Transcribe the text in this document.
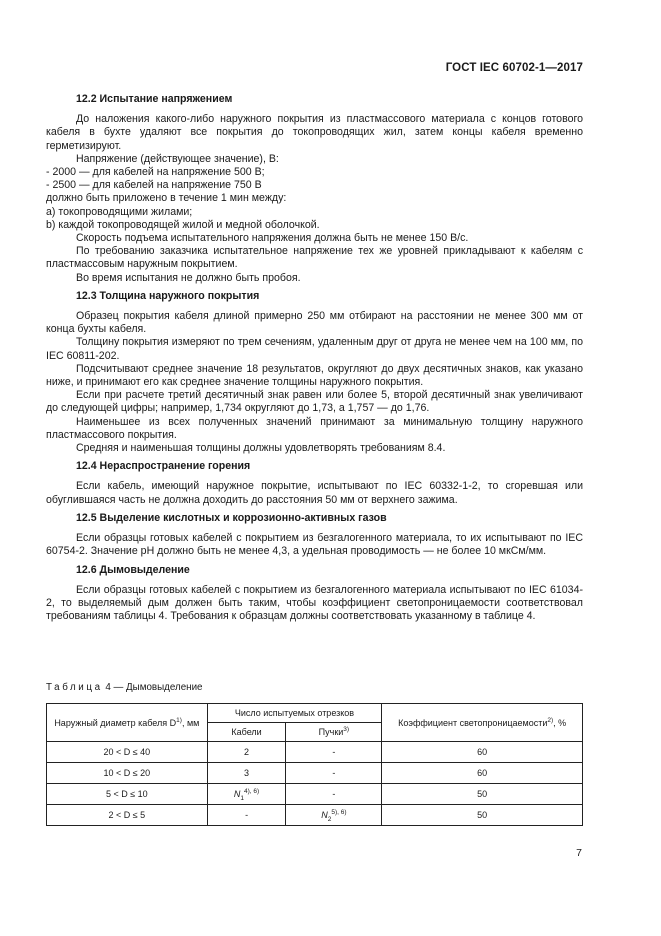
ГОСТ IEC 60702-1—2017
12.2 Испытание напряжением

До наложения какого-либо наружного покрытия из пластмассового материала с концов готового кабеля в бухте удаляют все покрытия до токопроводящих жил, затем концы кабеля временно герметизируют.

Напряжение (действующее значение), В:

- 2000 — для кабелей на напряжение 500 В;

- 2500 — для кабелей на напряжение 750 В

должно быть приложено в течение 1 мин между:

а) токопроводящими жилами;

b) каждой токопроводящей жилой и медной оболочкой.

Скорость подъема испытательного напряжения должна быть не менее 150 В/с.

По требованию заказчика испытательное напряжение тех же уровней прикладывают к кабелям с пластмассовым наружным покрытием.

Во время испытания не должно быть пробоя.

12.3 Толщина наружного покрытия

Образец покрытия кабеля длиной примерно 250 мм отбирают на расстоянии не менее 300 мм от конца бухты кабеля.

Толщину покрытия измеряют по трем сечениям, удаленным друг от друга не менее чем на 100 мм, по IEC 60811-202.

Подсчитывают среднее значение 18 результатов, округляют до двух десятичных знаков, как указано ниже, и принимают его как среднее значение толщины наружного покрытия.

Если при расчете третий десятичный знак равен или более 5, второй десятичный знак увеличивают до следующей цифры; например, 1,734 округляют до 1,73, а 1,757 — до 1,76.

Наименьшее из всех полученных значений принимают за минимальную толщину наружного пластмассового покрытия.

Средняя и наименьшая толщины должны удовлетворять требованиям 8.4.

12.4 Нераспространение горения

Если кабель, имеющий наружное покрытие, испытывают по IEC 60332-1-2, то сгоревшая или обуглившаяся часть не должна доходить до расстояния 50 мм от верхнего зажима.

12.5 Выделение кислотных и коррозионно-активных газов

Если образцы готовых кабелей с покрытием из безгалогенного материала, то их испытывают по IEC 60754-2. Значение pH должно быть не менее 4,3, а удельная проводимость — не более 10 мкСм/мм.

12.6 Дымовыделение

Если образцы готовых кабелей с покрытием из безгалогенного материала испытывают по IEC 61034-2, то выделяемый дым должен быть таким, чтобы коэффициент светопроницаемости соответствовал требованиям таблицы 4. Требования к образцам должны соответствовать указанному в таблице 4.

Таблица 4 — Дымовыделение
Наружный диаметр кабеля $D^{1)}$, мм	Число испытуемых отрезков		Коэффициент светопроницаемости$^{2)}$, %
	Кабели	Пучки$^{3)}$
20 < D ≤ 40	2	-	60
10 < D ≤ 20	3	-	60
5 < D ≤ 10	$N_1^{4), 6)}$	-	50
2 < D ≤ 5	-	$N_2^{5), 6)}$	50
7
